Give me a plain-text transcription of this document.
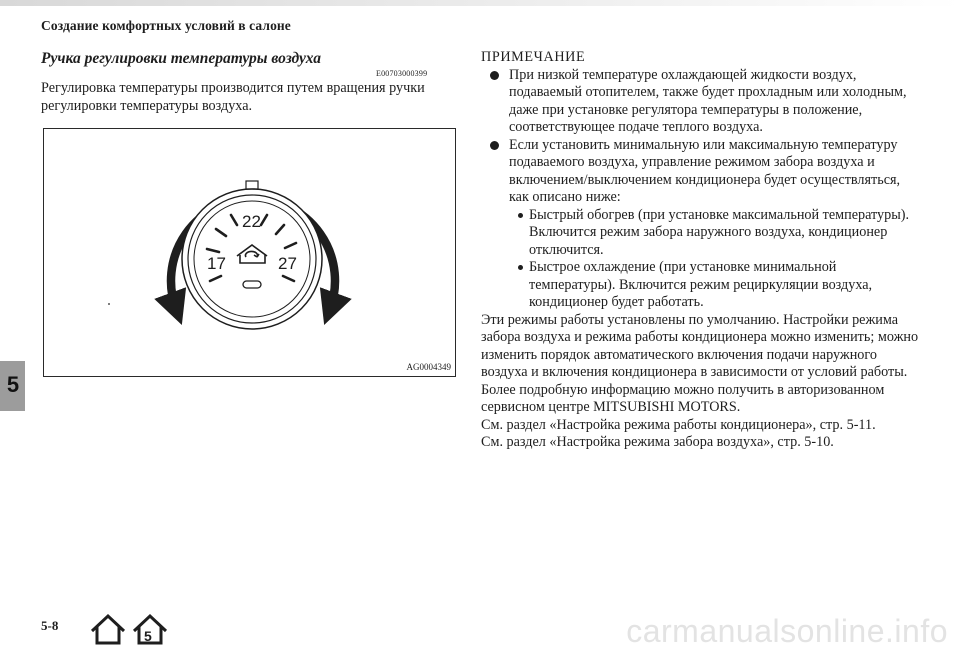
Создание комфортных условий в салоне
Ручка регулировки температуры воздуха
E00703000399

Регулировка температуры производится путем вращения ручки регулировки температуры воздуха.

22
17	27
AG0004349
5
ПРИМЕЧАНИЕ
При низкой температуре охлаждающей жидкости воздух, подаваемый отопителем, также будет прохладным или холодным, даже при установке регулятора температуры в положение, соответствующее подаче теплого воздуха.
Если установить минимальную или максимальную температуру подаваемого воздуха, управление режимом забора воздуха и включением/выключением кондиционера будет осуществляться, как описано ниже:
Быстрый обогрев (при установке максимальной температуры). Включится режим забора наружного воздуха, кондиционер отключится.
Быстрое охлаждение (при установке минимальной температуры). Включится режим рециркуляции воздуха, кондиционер будет работать.

Эти режимы работы установлены по умолчанию. Настройки режима забора воздуха и режима работы кондиционера можно изменить; можно изменить порядок автоматического включения подачи наружного воздуха и включения кондиционера в зависимости от условий работы. Более подробную информацию можно получить в авторизованном сервисном центре MITSUBISHI MOTORS.

См. раздел «Настройка режима работы кондиционера», стр. 5-11.

См. раздел «Настройка режима забора воздуха», стр. 5-10.

5-8
5	carmanualsonline.info
